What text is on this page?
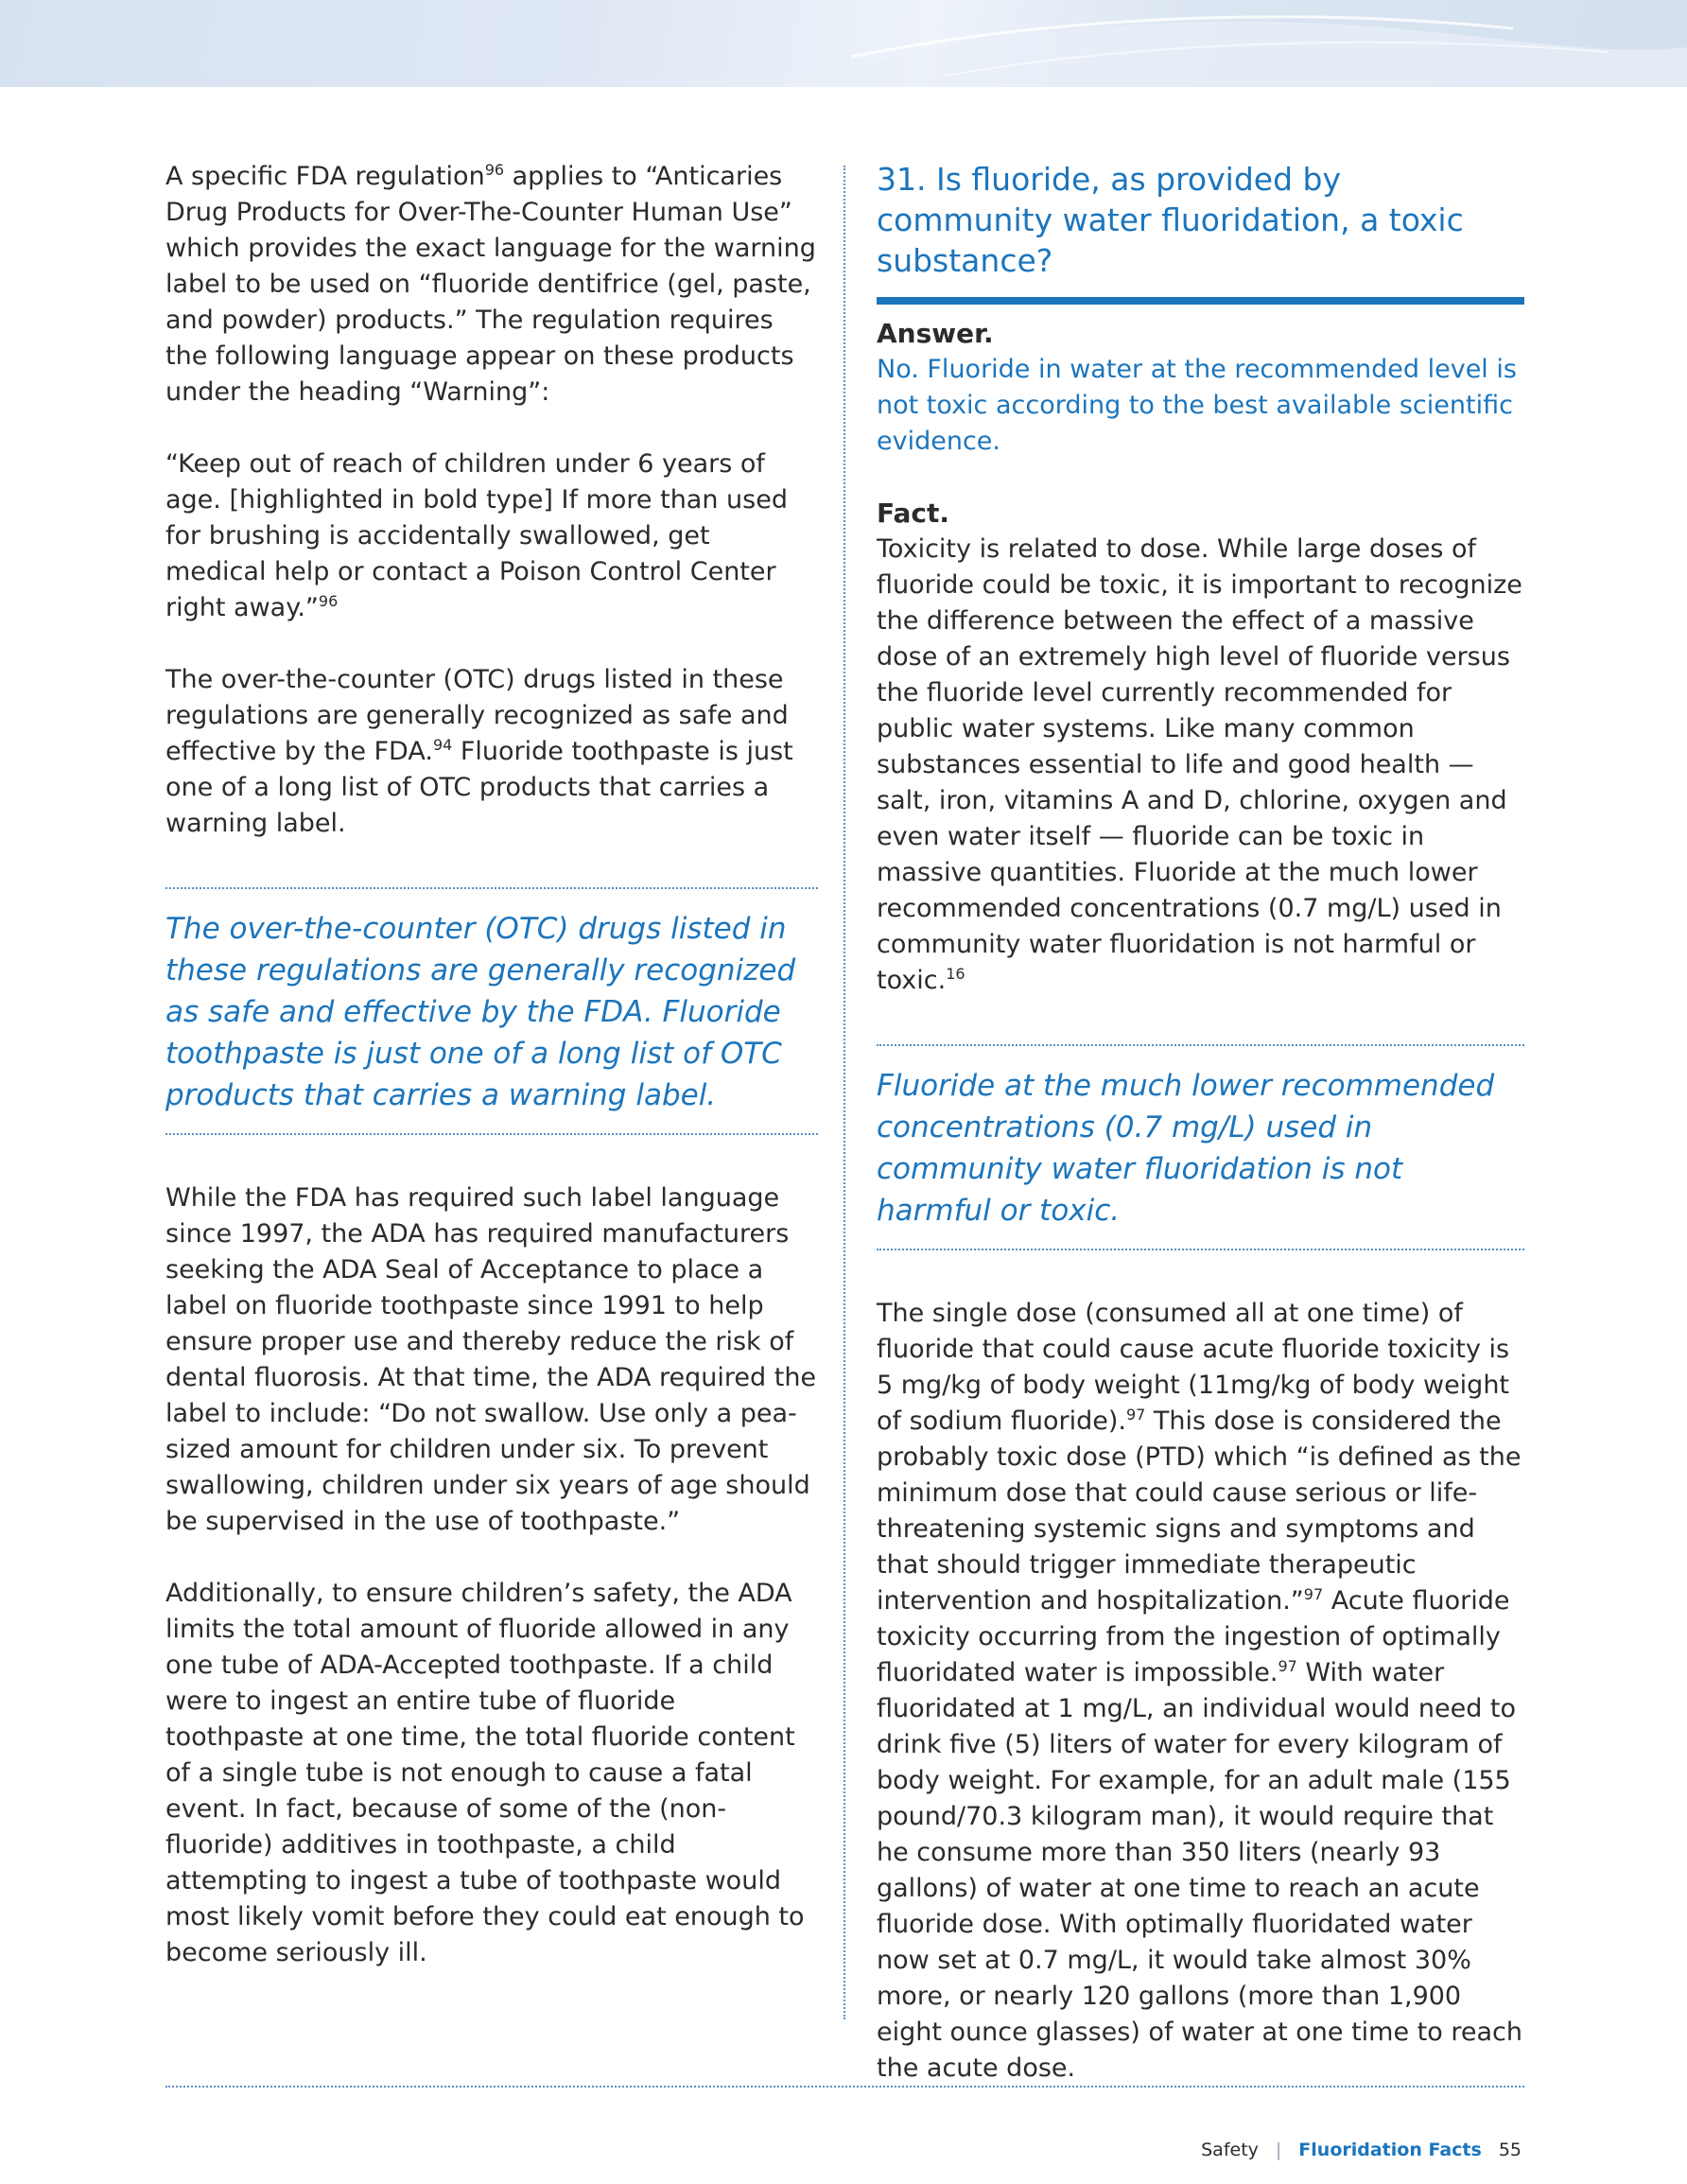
A specific FDA regulation$^{96}$ applies to “Anticaries Drug Products for Over-The-Counter Human Use” which provides the exact language for the warning label to be used on “fluoride dentifrice (gel, paste, and powder) products.” The regulation requires the following language appear on these products under the heading “Warning”:

“Keep out of reach of children under 6 years of age. [highlighted in bold type] If more than used for brushing is accidentally swallowed, get medical help or contact a Poison Control Center right away.”$^{96}$

The over-the-counter (OTC) drugs listed in these regulations are generally recognized as safe and effective by the FDA.$^{94}$ Fluoride toothpaste is just one of a long list of OTC products that carries a warning label.

The over-the-counter (OTC) drugs listed in these regulations are generally recognized as safe and effective by the FDA. Fluoride toothpaste is just one of a long list of OTC products that carries a warning label.

While the FDA has required such label language since 1997, the ADA has required manufacturers seeking the ADA Seal of Acceptance to place a label on fluoride toothpaste since 1991 to help ensure proper use and thereby reduce the risk of dental fluorosis. At that time, the ADA required the label to include: “Do not swallow. Use only a pea-sized amount for children under six. To prevent swallowing, children under six years of age should be supervised in the use of toothpaste.”

Additionally, to ensure children’s safety, the ADA limits the total amount of fluoride allowed in any one tube of ADA-Accepted toothpaste. If a child were to ingest an entire tube of fluoride toothpaste at one time, the total fluoride content of a single tube is not enough to cause a fatal event. In fact, because of some of the (non-fluoride) additives in toothpaste, a child attempting to ingest a tube of toothpaste would most likely vomit before they could eat enough to become seriously ill.

31. Is fluoride, as provided by community water fluoridation, a toxic substance?
Answer.

No. Fluoride in water at the recommended level is not toxic according to the best available scientific evidence.

Fact.

Toxicity is related to dose. While large doses of fluoride could be toxic, it is important to recognize the difference between the effect of a massive dose of an extremely high level of fluoride versus the fluoride level currently recommended for public water systems. Like many common substances essential to life and good health — salt, iron, vitamins A and D, chlorine, oxygen and even water itself — fluoride can be toxic in massive quantities. Fluoride at the much lower recommended concentrations (0.7 mg/L) used in community water fluoridation is not harmful or toxic.$^{16}$

Fluoride at the much lower recommended concentrations (0.7 mg/L) used in community water fluoridation is not harmful or toxic.

The single dose (consumed all at one time) of fluoride that could cause acute fluoride toxicity is 5 mg/kg of body weight (11mg/kg of body weight of sodium fluoride).$^{97}$ This dose is considered the probably toxic dose (PTD) which “is defined as the minimum dose that could cause serious or life-threatening systemic signs and symptoms and that should trigger immediate therapeutic intervention and hospitalization.”$^{97}$ Acute fluoride toxicity occurring from the ingestion of optimally fluoridated water is impossible.$^{97}$ With water fluoridated at 1 mg/L, an individual would need to drink five (5) liters of water for every kilogram of body weight. For example, for an adult male (155 pound/70.3 kilogram man), it would require that he consume more than 350 liters (nearly 93 gallons) of water at one time to reach an acute fluoride dose. With optimally fluoridated water now set at 0.7 mg/L, it would take almost 30% more, or nearly 120 gallons (more than 1,900 eight ounce glasses) of water at one time to reach the acute dose.

Safety | Fluoridation Facts 55
